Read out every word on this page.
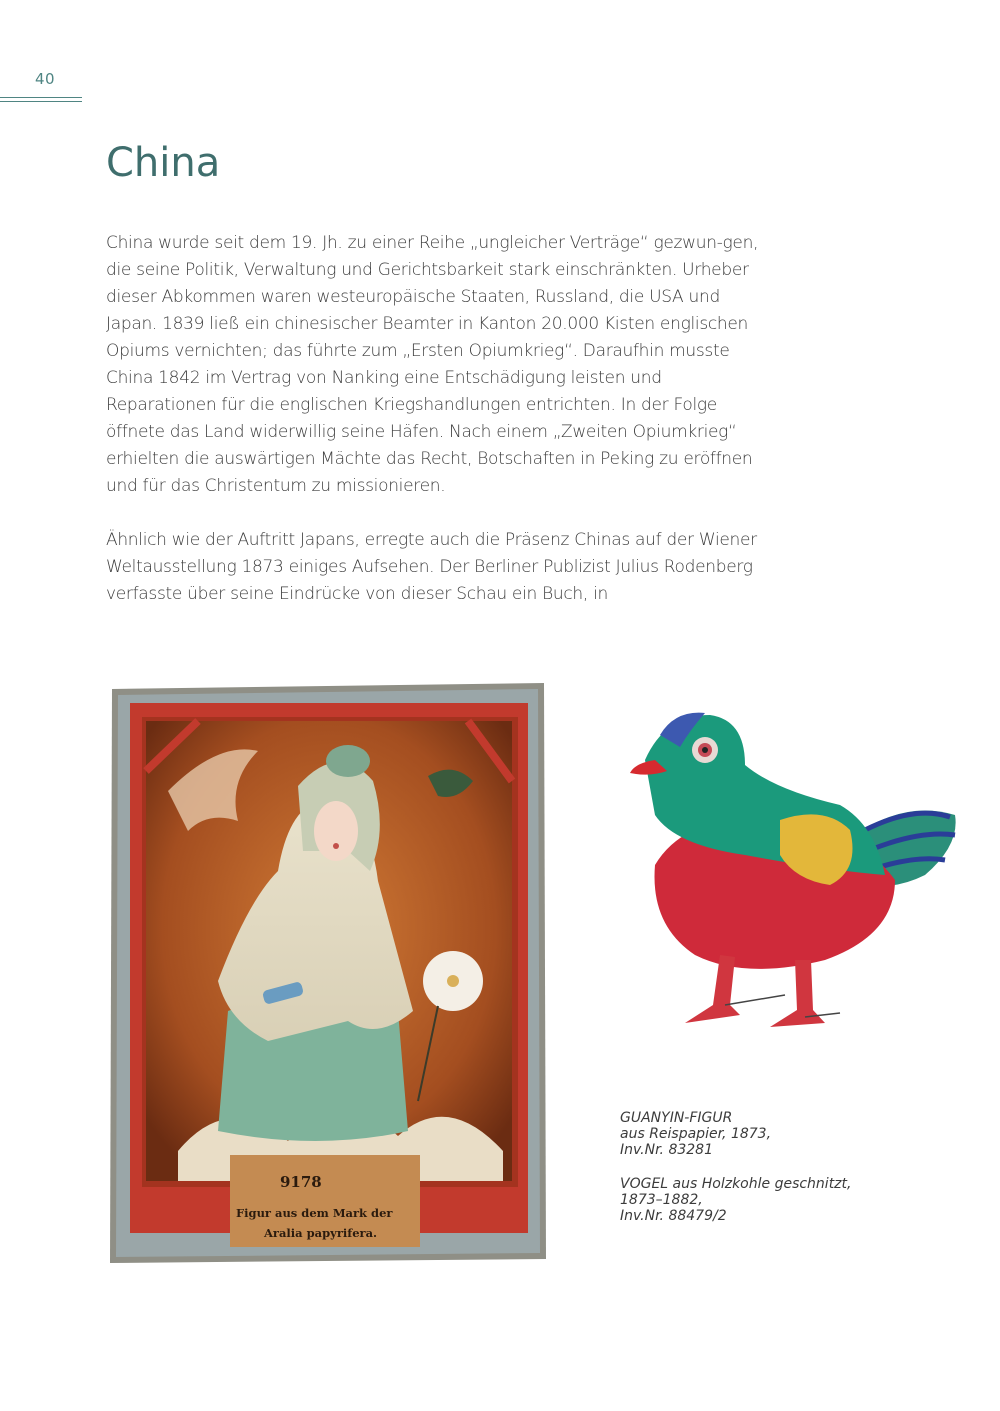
40
China

China wurde seit dem 19. Jh. zu einer Reihe „ungleicher Verträge“ gezwun-gen, die seine Politik, Verwaltung und Gerichtsbarkeit stark einschränkten. Urheber dieser Abkommen waren westeuropäische Staaten, Russland, die USA und Japan. 1839 ließ ein chinesischer Beamter in Kanton 20.000 Kisten englischen Opiums vernichten; das führte zum „Ersten Opiumkrieg“. Daraufhin musste China 1842 im Vertrag von Nanking eine Entschädigung leisten und Reparationen für die englischen Kriegshandlungen entrichten. In der Folge öffnete das Land widerwillig seine Häfen. Nach einem „Zweiten Opiumkrieg“ erhielten die auswärtigen Mächte das Recht, Botschaften in Peking zu eröffnen und für das Christentum zu missionieren.

Ähnlich wie der Auftritt Japans, erregte auch die Präsenz Chinas auf der Wiener Weltausstellung 1873 einiges Aufsehen. Der Berliner Publizist Julius Rodenberg verfasste über seine Eindrücke von dieser Schau ein Buch, in

9178
Figur aus dem Mark der
Aralia papyrifera.
GUANYIN-FIGUR
aus Reispapier, 1873,
Inv.Nr. 83281
VOGEL aus Holzkohle geschnitzt,
1873–1882,
Inv.Nr. 88479/2
